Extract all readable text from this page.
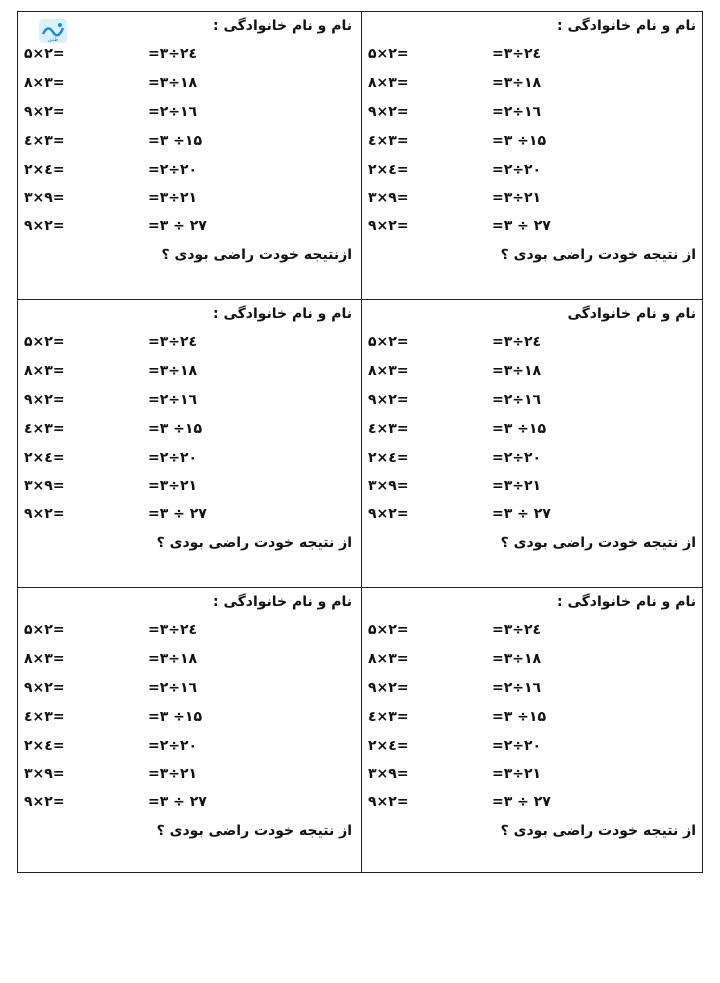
نام و نام خانوادگی :
۵×۲=	=۳÷٢٤
۸×۳=	=۳÷١٨
۹×۲=	=۲÷١٦
٤×۳=	=۳ ÷١۵
۲×٤=	=۲÷۲۰
۳×۹=	=۳÷۲۱
۹×۲=	=۳ ÷ ۲۷
از نتیجه خودت راضی بودی ؟
طنین
نام و نام خانوادگی :
۵×۲=	=۳÷٢٤
۸×۳=	=۳÷١٨
۹×۲=	=۲÷١٦
٤×۳=	=۳ ÷١۵
۲×٤=	=۲÷۲۰
۳×۹=	=۳÷۲۱
۹×۲=	=۳ ÷ ۲۷
ازنتیجه خودت راضی بودی ؟
نام و نام خانوادگی
۵×۲=	=۳÷٢٤
۸×۳=	=۳÷١٨
۹×۲=	=۲÷١٦
٤×۳=	=۳ ÷١۵
۲×٤=	=۲÷۲۰
۳×۹=	=۳÷۲۱
۹×۲=	=۳ ÷ ۲۷
از نتیجه خودت راضی بودی ؟
نام و نام خانوادگی :
۵×۲=	=۳÷٢٤
۸×۳=	=۳÷١٨
۹×۲=	=۲÷١٦
٤×۳=	=۳ ÷١۵
۲×٤=	=۲÷۲۰
۳×۹=	=۳÷۲۱
۹×۲=	=۳ ÷ ۲۷
از نتیجه خودت راضی بودی ؟
نام و نام خانوادگی :
۵×۲=	=۳÷٢٤
۸×۳=	=۳÷١٨
۹×۲=	=۲÷١٦
٤×۳=	=۳ ÷١۵
۲×٤=	=۲÷۲۰
۳×۹=	=۳÷۲۱
۹×۲=	=۳ ÷ ۲۷
از نتیجه خودت راضی بودی ؟
نام و نام خانوادگی :
۵×۲=	=۳÷٢٤
۸×۳=	=۳÷١٨
۹×۲=	=۲÷١٦
٤×۳=	=۳ ÷١۵
۲×٤=	=۲÷۲۰
۳×۹=	=۳÷۲۱
۹×۲=	=۳ ÷ ۲۷
از نتیجه خودت راضی بودی ؟
